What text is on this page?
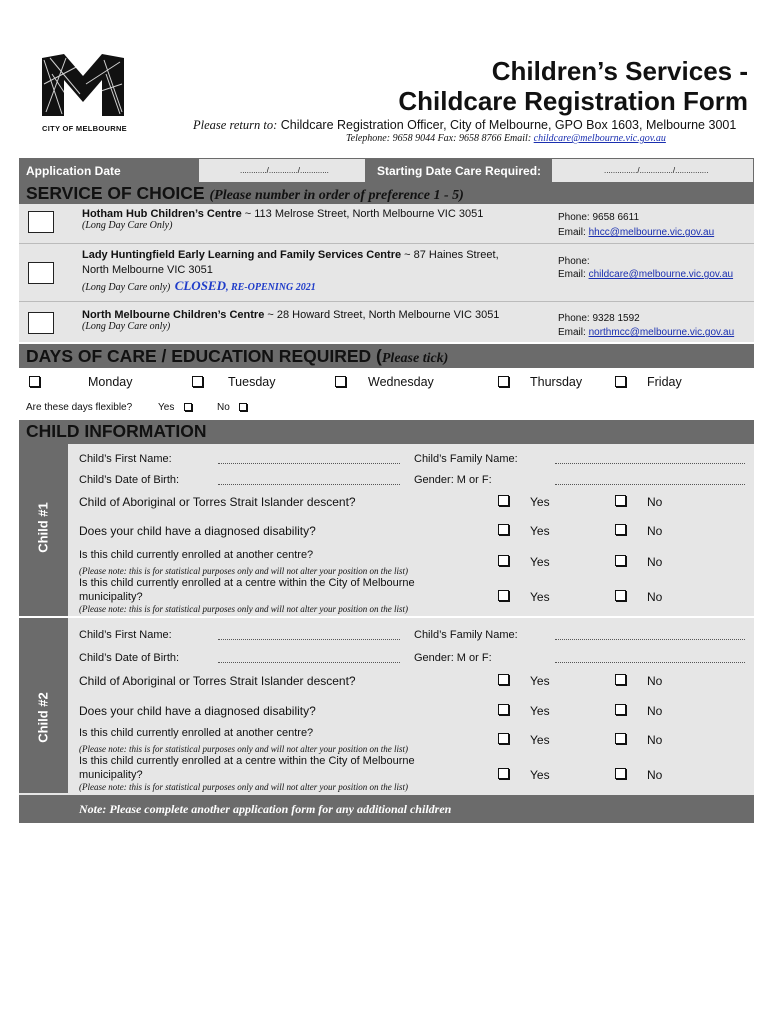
CITY OF MELBOURNE
Children’s Services -
Childcare Registration Form
Please return to: Childcare Registration Officer, City of Melbourne, GPO Box 1603, Melbourne 3001
Telephone: 9658 9044 Fax: 9658 8766 Email: childcare@melbourne.vic.gov.au
Application Date	............/............./.............	Starting Date Care Required:	.............../.............../...............
SERVICE OF CHOICE (Please number in order of preference 1 - 5)
Hotham Hub Children’s Centre ~ 113 Melrose Street, North Melbourne VIC 3051
(Long Day Care Only)
Phone: 9658 6611
Email: hhcc@melbourne.vic.gov.au
Lady Huntingfield Early Learning and Family Services Centre ~ 87 Haines Street,
North Melbourne VIC 3051
(Long Day Care only) CLOSED, RE-OPENING 2021
Phone:
Email: childcare@melbourne.vic.gov.au
North Melbourne Children’s Centre ~ 28 Howard Street, North Melbourne VIC 3051
(Long Day Care only)
Phone: 9328 1592
Email: northmcc@melbourne.vic.gov.au
DAYS OF CARE / EDUCATION REQUIRED (Please tick)
Monday	Tuesday	Wednesday	Thursday	Friday
Are these days flexible?	Yes	No
CHILD INFORMATION
Child #1
Child’s First Name:	Child’s Family Name:
Child’s Date of Birth:	Gender: M or F:
Child of Aboriginal or Torres Strait Islander descent?	Yes	No
Does your child have a diagnosed disability?	Yes	No
Is this child currently enrolled at another centre?
(Please note: this is for statistical purposes only and will not alter your position on the list)
Yes	No
Is this child currently enrolled at a centre within the City of Melbourne
municipality?
(Please note: this is for statistical purposes only and will not alter your position on the list)
Yes	No
Child #2
Child’s First Name:	Child’s Family Name:
Child’s Date of Birth:	Gender: M or F:
Child of Aboriginal or Torres Strait Islander descent?	Yes	No
Does your child have a diagnosed disability?	Yes	No
Is this child currently enrolled at another centre?
(Please note: this is for statistical purposes only and will not alter your position on the list)
Yes	No
Is this child currently enrolled at a centre within the City of Melbourne
municipality?
(Please note: this is for statistical purposes only and will not alter your position on the list)
Yes	No
Note: Please complete another application form for any additional children
